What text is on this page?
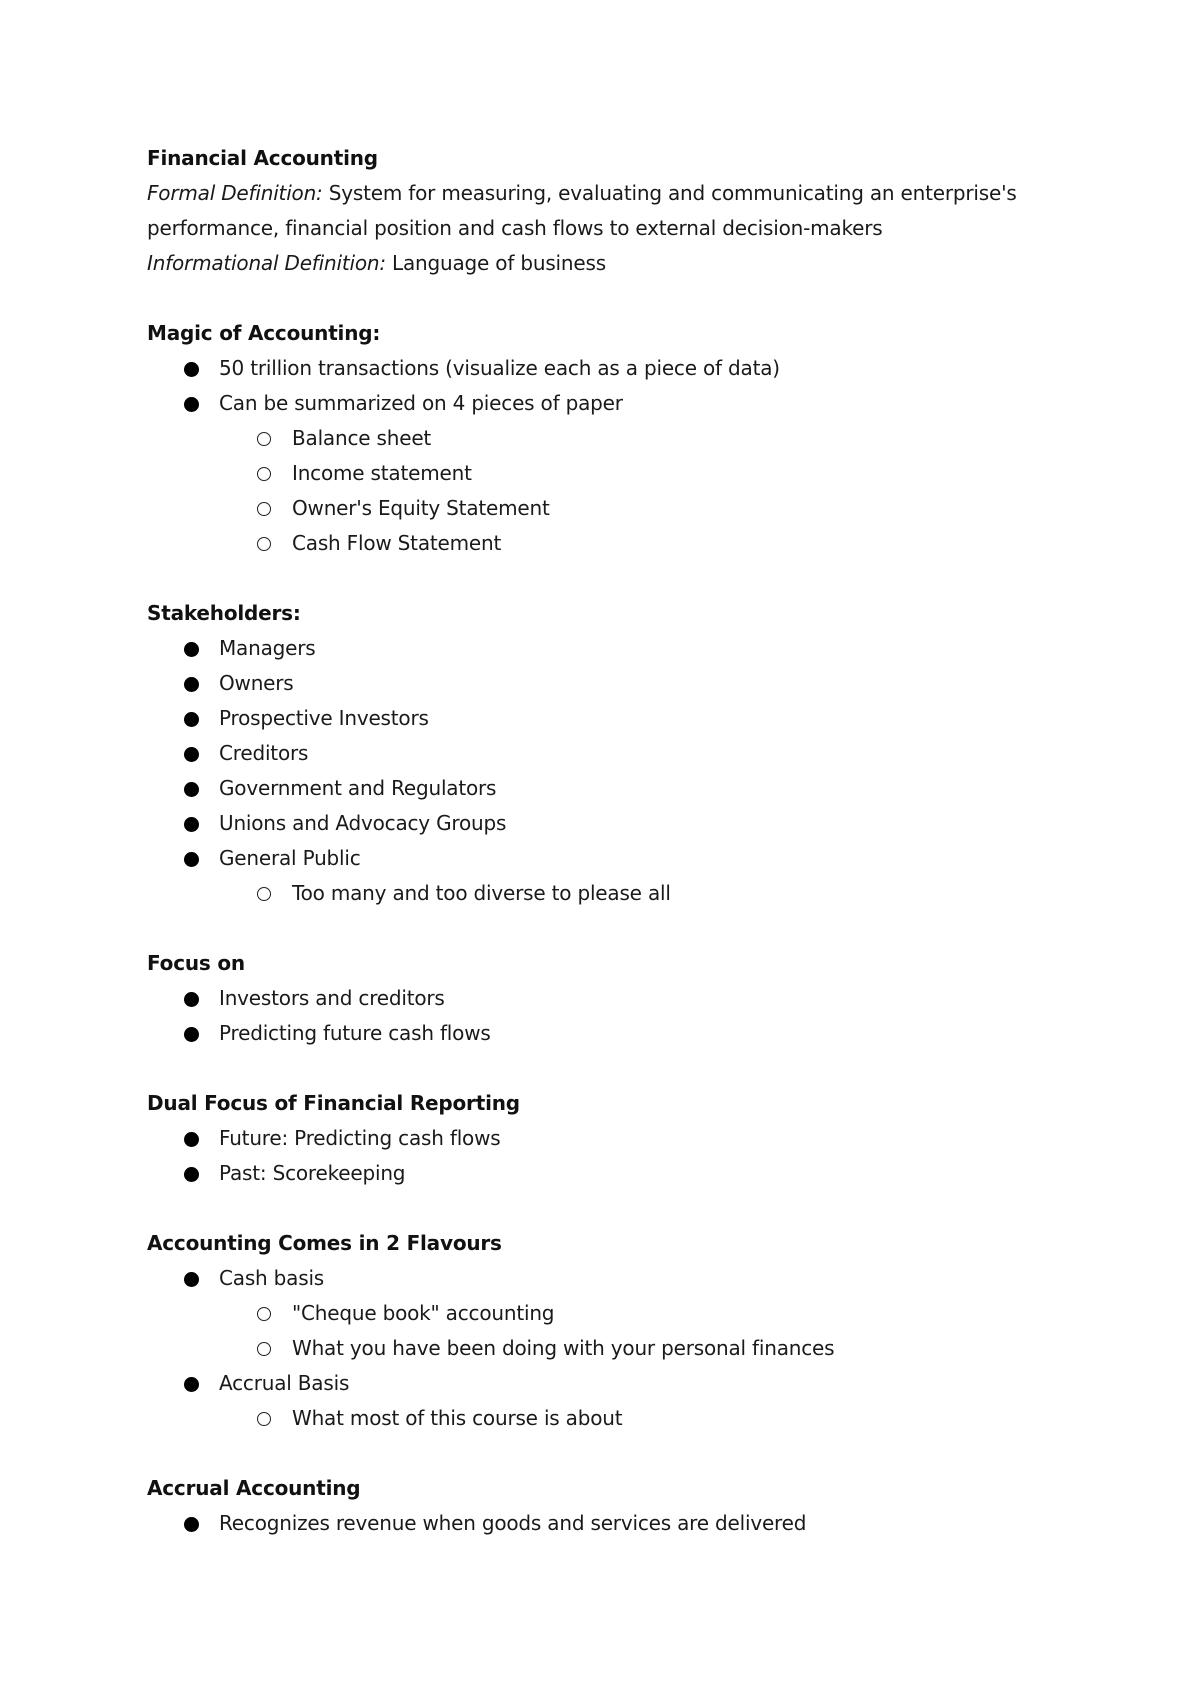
Financial Accounting
Formal Definition: System for measuring, evaluating and communicating an enterprise's
performance, financial position and cash flows to external decision-makers
Informational Definition: Language of business
Magic of Accounting:
50 trillion transactions (visualize each as a piece of data)
Can be summarized on 4 pieces of paper
Balance sheet
Income statement
Owner's Equity Statement
Cash Flow Statement
Stakeholders:
Managers
Owners
Prospective Investors
Creditors
Government and Regulators
Unions and Advocacy Groups
General Public
Too many and too diverse to please all
Focus on
Investors and creditors
Predicting future cash flows
Dual Focus of Financial Reporting
Future: Predicting cash flows
Past: Scorekeeping
Accounting Comes in 2 Flavours
Cash basis
"Cheque book" accounting
What you have been doing with your personal finances
Accrual Basis
What most of this course is about
Accrual Accounting
Recognizes revenue when goods and services are delivered
